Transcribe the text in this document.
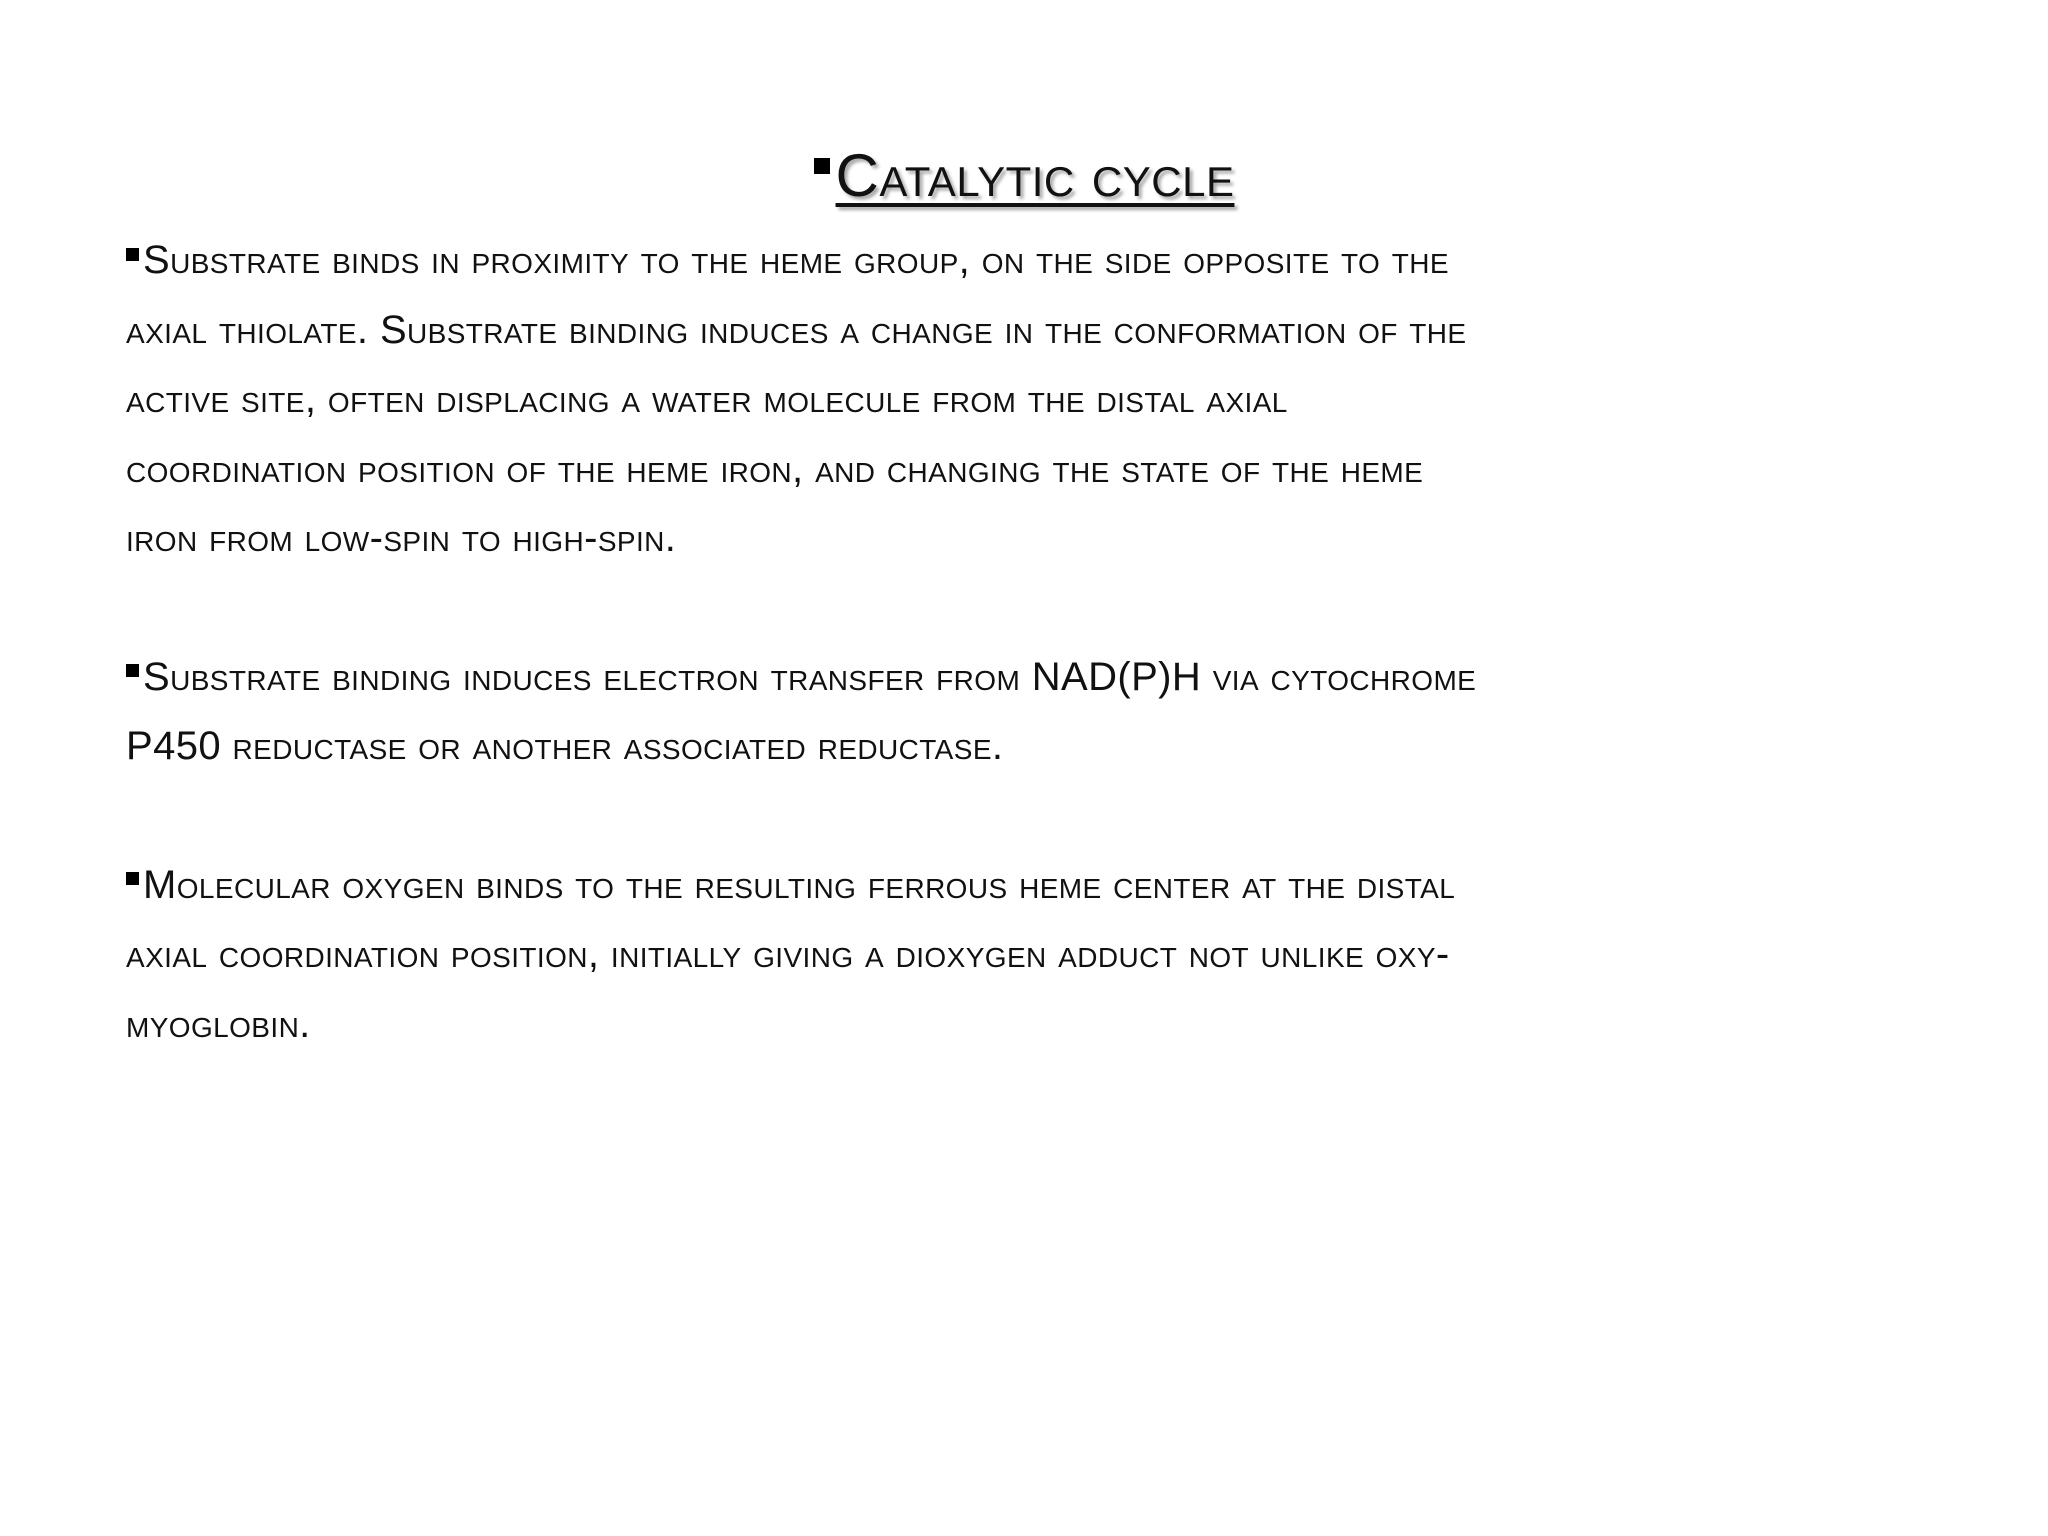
Catalytic cycle

Substrate binds in proximity to the heme group, on the side opposite to the
axial thiolate. Substrate binding induces a change in the conformation of the
active site, often displacing a water molecule from the distal axial
coordination position of the heme iron, and changing the state of the heme
iron from low-spin to high-spin.

Substrate binding induces electron transfer from NAD(P)H via cytochrome
P450 reductase or another associated reductase.

Molecular oxygen binds to the resulting ferrous heme center at the distal
axial coordination position, initially giving a dioxygen adduct not unlike oxy-
myoglobin.
